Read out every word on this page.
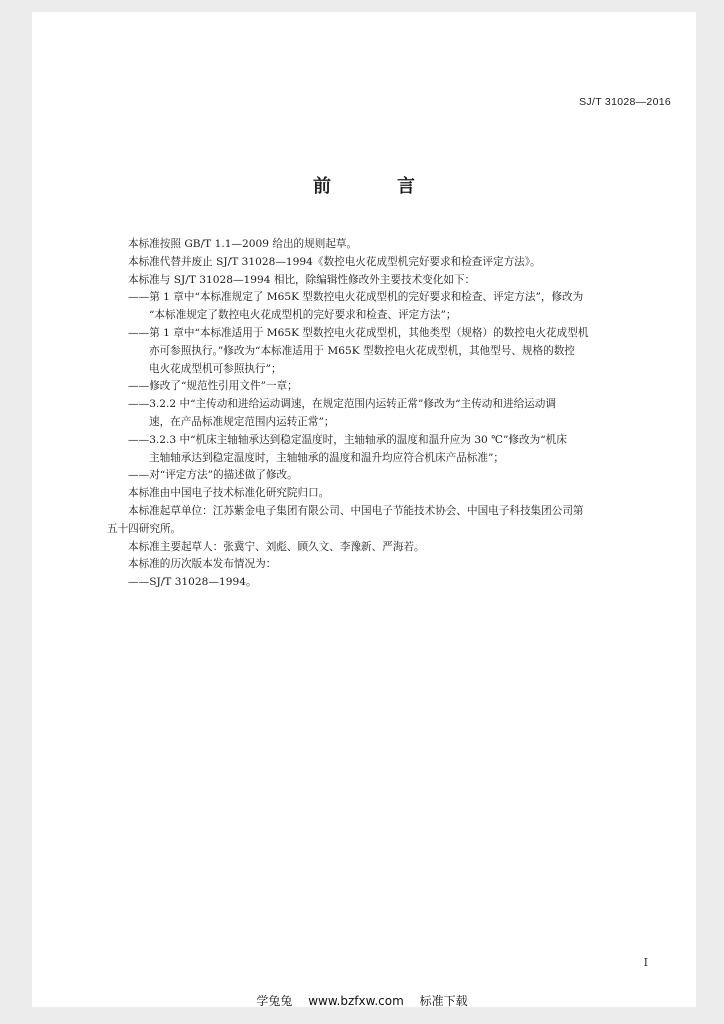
SJ/T 31028—2016
前　言

本标准按照 GB/T 1.1—2009 给出的规则起草。

本标准代替并废止 SJ/T 31028—1994《数控电火花成型机完好要求和检查评定方法》。

本标准与 SJ/T 31028—1994 相比，除编辑性修改外主要技术变化如下：

——第 1 章中“本标准规定了 M65K 型数控电火花成型机的完好要求和检查、评定方法”，修改为

“本标准规定了数控电火花成型机的完好要求和检查、评定方法”；

——第 1 章中“本标准适用于 M65K 型数控电火花成型机，其他类型（规格）的数控电火花成型机

亦可参照执行。”修改为“本标准适用于 M65K 型数控电火花成型机，其他型号、规格的数控

电火花成型机可参照执行”；

——修改了“规范性引用文件”一章；

——3.2.2 中“主传动和进给运动调速，在规定范围内运转正常”修改为“主传动和进给运动调

速，在产品标准规定范围内运转正常”；

——3.2.3 中“机床主轴轴承达到稳定温度时，主轴轴承的温度和温升应为 30 ℃”修改为“机床

主轴轴承达到稳定温度时，主轴轴承的温度和温升均应符合机床产品标准”；

——对“评定方法”的描述做了修改。

本标准由中国电子技术标准化研究院归口。

本标准起草单位：江苏紫金电子集团有限公司、中国电子节能技术协会、中国电子科技集团公司第

五十四研究所。

本标准主要起草人：张冀宁、刘彪、顾久文、李豫新、严海若。

本标准的历次版本发布情况为：

——SJ/T 31028—1994。

I
学兔兔 www.bzfxw.com 标准下载
